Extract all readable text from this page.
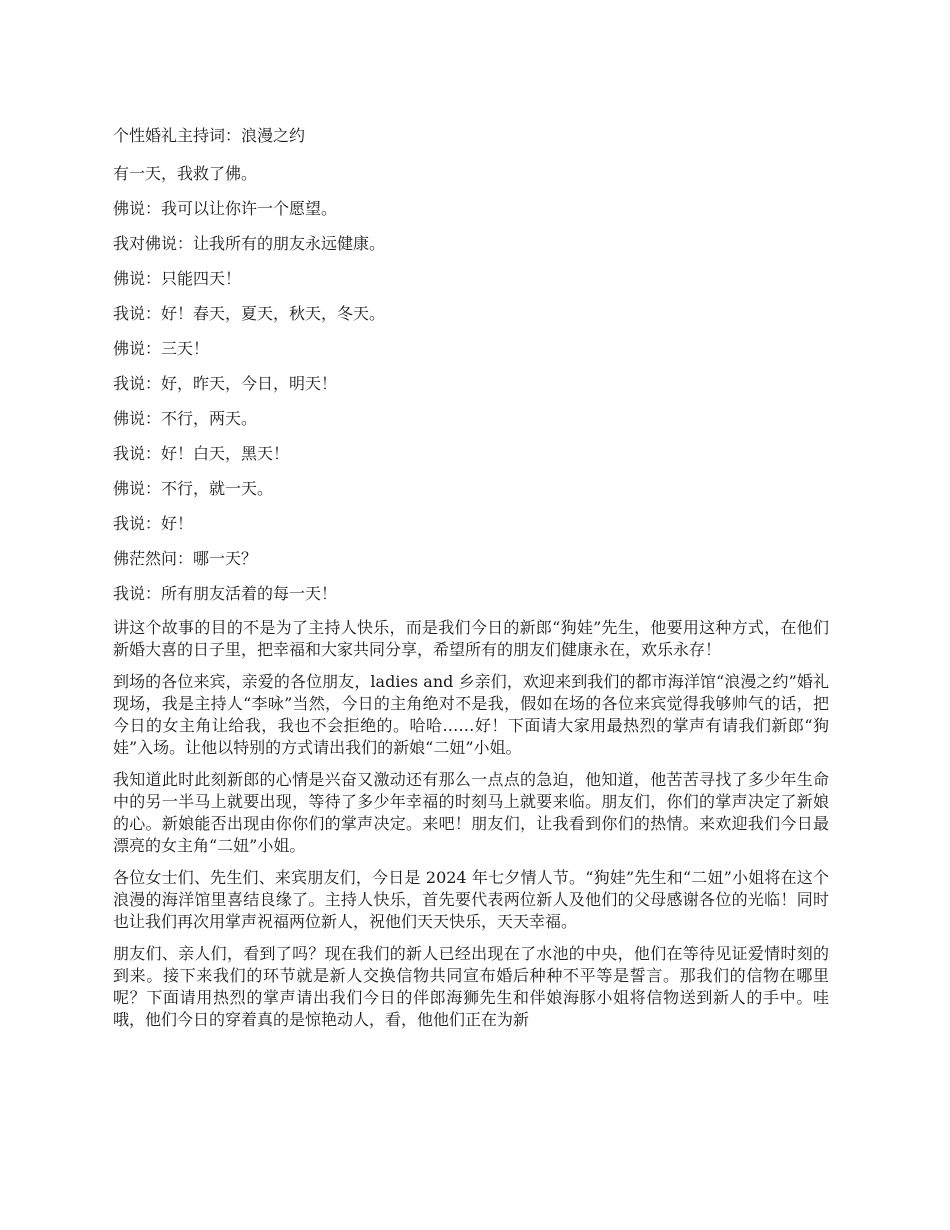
个性婚礼主持词：浪漫之约
有一天，我救了佛。
佛说：我可以让你许一个愿望。
我对佛说：让我所有的朋友永远健康。
佛说：只能四天！
我说：好！春天，夏天，秋天，冬天。
佛说：三天！
我说：好，昨天，今日，明天！
佛说：不行，两天。
我说：好！白天，黑天！
佛说：不行，就一天。
我说：好！
佛茫然问：哪一天？
我说：所有朋友活着的每一天！

讲这个故事的目的不是为了主持人快乐，而是我们今日的新郎“狗娃”先生，他要用这种方式，在他们新婚大喜的日子里，把幸福和大家共同分享，希望所有的朋友们健康永在，欢乐永存！

到场的各位来宾，亲爱的各位朋友，ladies and 乡亲们，欢迎来到我们的都市海洋馆“浪漫之约”婚礼现场，我是主持人“李咏”当然，今日的主角绝对不是我，假如在场的各位来宾觉得我够帅气的话，把今日的女主角让给我，我也不会拒绝的。哈哈……好！下面请大家用最热烈的掌声有请我们新郎“狗娃”入场。让他以特别的方式请出我们的新娘“二妞”小姐。

我知道此时此刻新郎的心情是兴奋又激动还有那么一点点的急迫，他知道，他苦苦寻找了多少年生命中的另一半马上就要出现，等待了多少年幸福的时刻马上就要来临。朋友们，你们的掌声决定了新娘的心。新娘能否出现由你你们的掌声决定。来吧！朋友们，让我看到你们的热情。来欢迎我们今日最漂亮的女主角“二妞”小姐。

各位女士们、先生们、来宾朋友们，今日是 2024 年七夕情人节。“狗娃”先生和“二妞”小姐将在这个浪漫的海洋馆里喜结良缘了。主持人快乐，首先要代表两位新人及他们的父母感谢各位的光临！同时也让我们再次用掌声祝福两位新人，祝他们天天快乐，天天幸福。

朋友们、亲人们，看到了吗？现在我们的新人已经出现在了水池的中央，他们在等待见证爱情时刻的到来。接下来我们的环节就是新人交换信物共同宣布婚后种种不平等是誓言。那我们的信物在哪里呢？下面请用热烈的掌声请出我们今日的伴郎海狮先生和伴娘海豚小姐将信物送到新人的手中。哇哦，他们今日的穿着真的是惊艳动人，看，他他们正在为新
